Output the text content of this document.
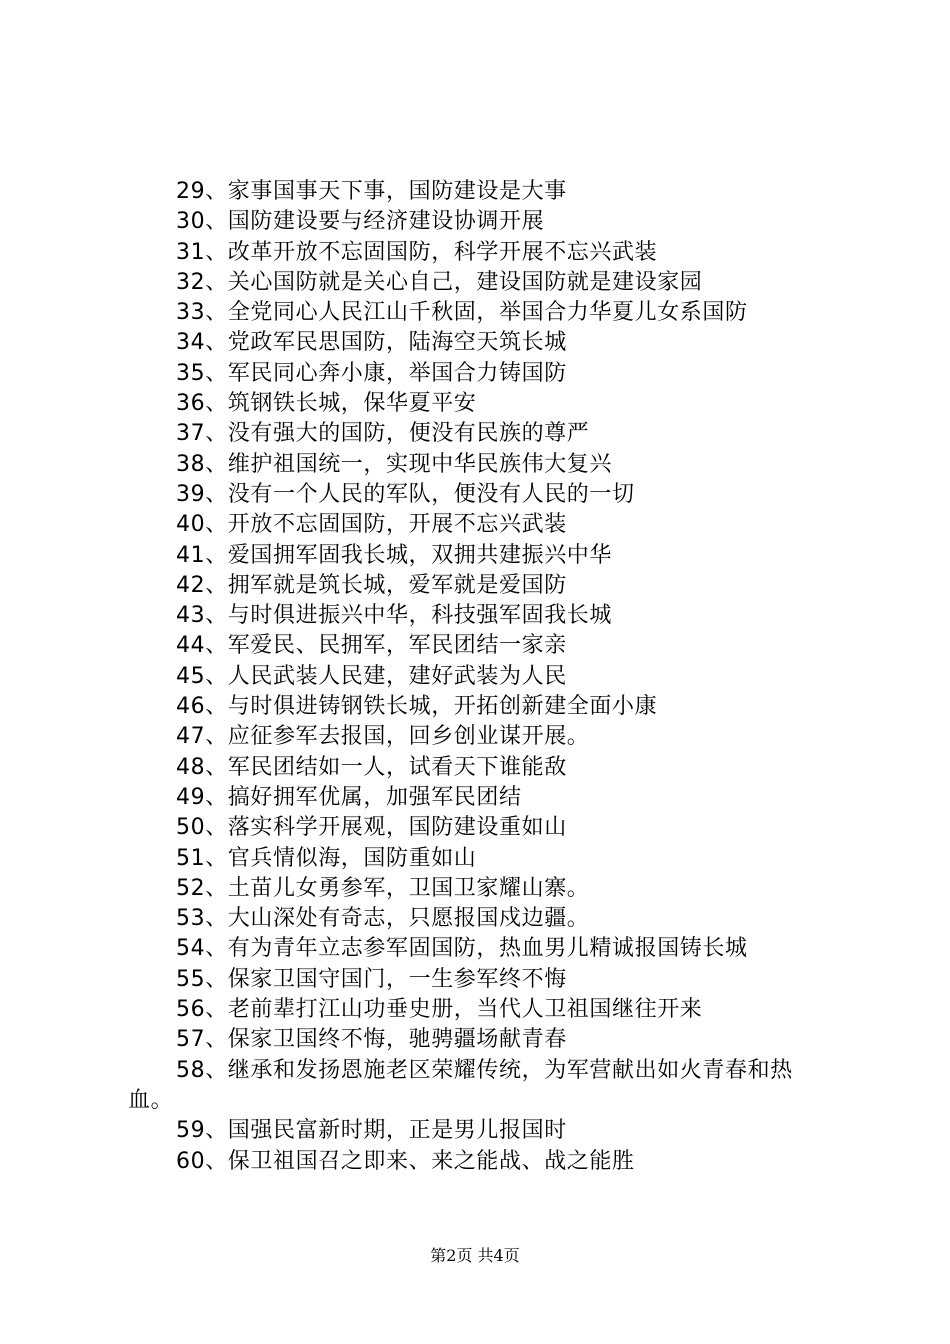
29、家事国事天下事，国防建设是大事
30、国防建设要与经济建设协调开展
31、改革开放不忘固国防，科学开展不忘兴武装
32、关心国防就是关心自己，建设国防就是建设家园
33、全党同心人民江山千秋固，举国合力华夏儿女系国防
34、党政军民思国防，陆海空天筑长城
35、军民同心奔小康，举国合力铸国防
36、筑钢铁长城，保华夏平安
37、没有强大的国防，便没有民族的尊严
38、维护祖国统一，实现中华民族伟大复兴
39、没有一个人民的军队，便没有人民的一切
40、开放不忘固国防，开展不忘兴武装
41、爱国拥军固我长城，双拥共建振兴中华
42、拥军就是筑长城，爱军就是爱国防
43、与时俱进振兴中华，科技强军固我长城
44、军爱民、民拥军，军民团结一家亲
45、人民武装人民建，建好武装为人民
46、与时俱进铸钢铁长城，开拓创新建全面小康
47、应征参军去报国，回乡创业谋开展。
48、军民团结如一人，试看天下谁能敌
49、搞好拥军优属，加强军民团结
50、落实科学开展观，国防建设重如山
51、官兵情似海，国防重如山
52、土苗儿女勇参军，卫国卫家耀山寨。
53、大山深处有奇志，只愿报国戍边疆。
54、有为青年立志参军固国防，热血男儿精诚报国铸长城
55、保家卫国守国门，一生参军终不悔
56、老前辈打江山功垂史册，当代人卫祖国继往开来
57、保家卫国终不悔，驰骋疆场献青春
58、继承和发扬恩施老区荣耀传统，为军营献出如火青春和热血。
59、国强民富新时期，正是男儿报国时
60、保卫祖国召之即来、来之能战、战之能胜
第2页 共4页
